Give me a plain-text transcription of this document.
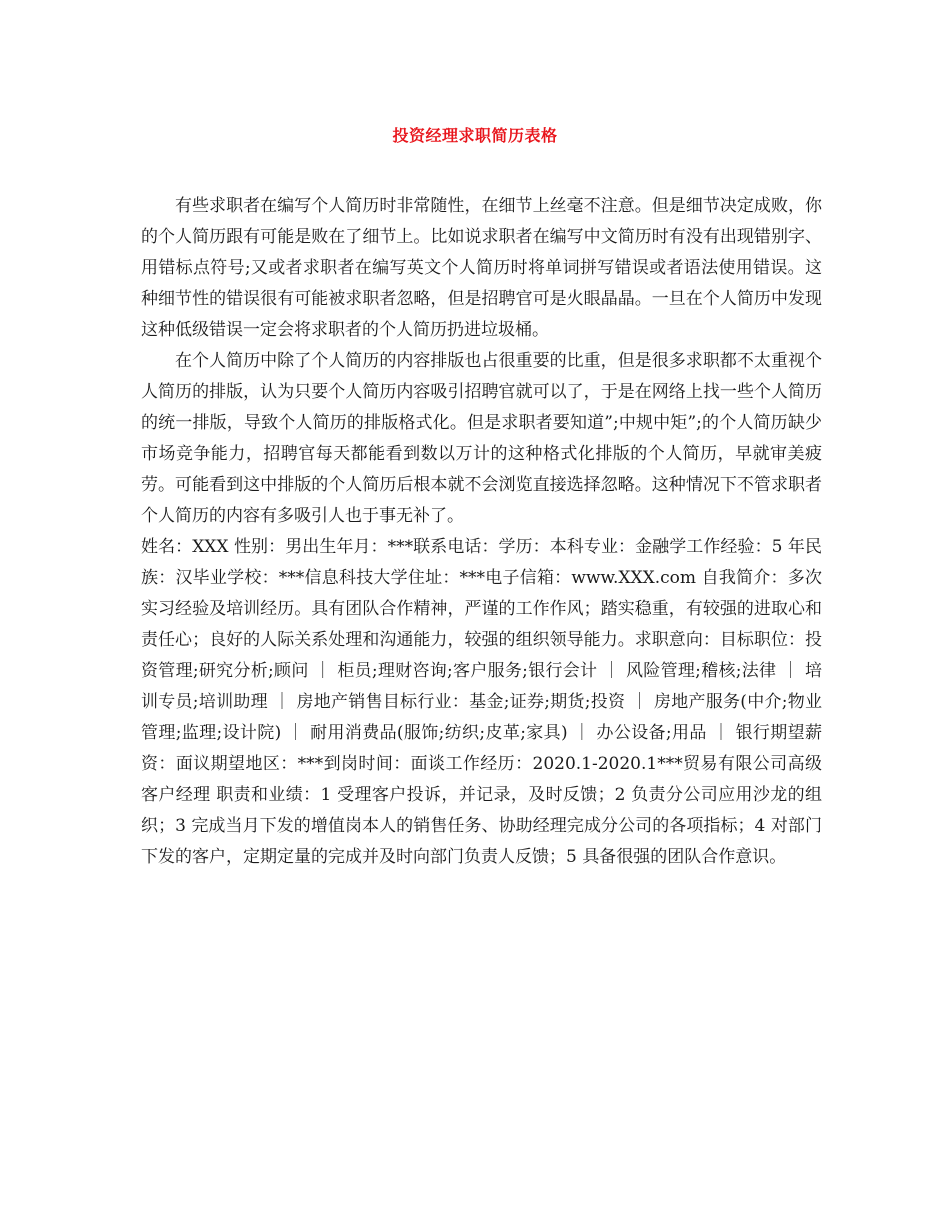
投资经理求职简历表格

有些求职者在编写个人简历时非常随性，在细节上丝毫不注意。但是细节决定成败，你的个人简历跟有可能是败在了细节上。比如说求职者在编写中文简历时有没有出现错别字、用错标点符号;又或者求职者在编写英文个人简历时将单词拼写错误或者语法使用错误。这种细节性的错误很有可能被求职者忽略，但是招聘官可是火眼晶晶。一旦在个人简历中发现这种低级错误一定会将求职者的个人简历扔进垃圾桶。

在个人简历中除了个人简历的内容排版也占很重要的比重，但是很多求职都不太重视个人简历的排版，认为只要个人简历内容吸引招聘官就可以了，于是在网络上找一些个人简历的统一排版，导致个人简历的排版格式化。但是求职者要知道”;中规中矩”;的个人简历缺少市场竞争能力，招聘官每天都能看到数以万计的这种格式化排版的个人简历，早就审美疲劳。可能看到这中排版的个人简历后根本就不会浏览直接选择忽略。这种情况下不管求职者个人简历的内容有多吸引人也于事无补了。

姓名：XXX 性别：男出生年月：***联系电话：学历：本科专业：金融学工作经验：5 年民族：汉毕业学校：***信息科技大学住址：***电子信箱：www.XXX.com 自我简介：多次实习经验及培训经历。具有团队合作精神，严谨的工作作风；踏实稳重，有较强的进取心和责任心；良好的人际关系处理和沟通能力，较强的组织领导能力。求职意向：目标职位：投资管理;研究分析;顾问 ｜ 柜员;理财咨询;客户服务;银行会计 ｜ 风险管理;稽核;法律 ｜ 培训专员;培训助理 ｜ 房地产销售目标行业：基金;证券;期货;投资 ｜ 房地产服务(中介;物业管理;监理;设计院) ｜ 耐用消费品(服饰;纺织;皮革;家具) ｜ 办公设备;用品 ｜ 银行期望薪资：面议期望地区：***到岗时间：面谈工作经历：2020.1-2020.1***贸易有限公司高级客户经理 职责和业绩：1 受理客户投诉，并记录，及时反馈；2 负责分公司应用沙龙的组织；3 完成当月下发的增值岗本人的销售任务、协助经理完成分公司的各项指标；4 对部门下发的客户，定期定量的完成并及时向部门负责人反馈；5 具备很强的团队合作意识。
